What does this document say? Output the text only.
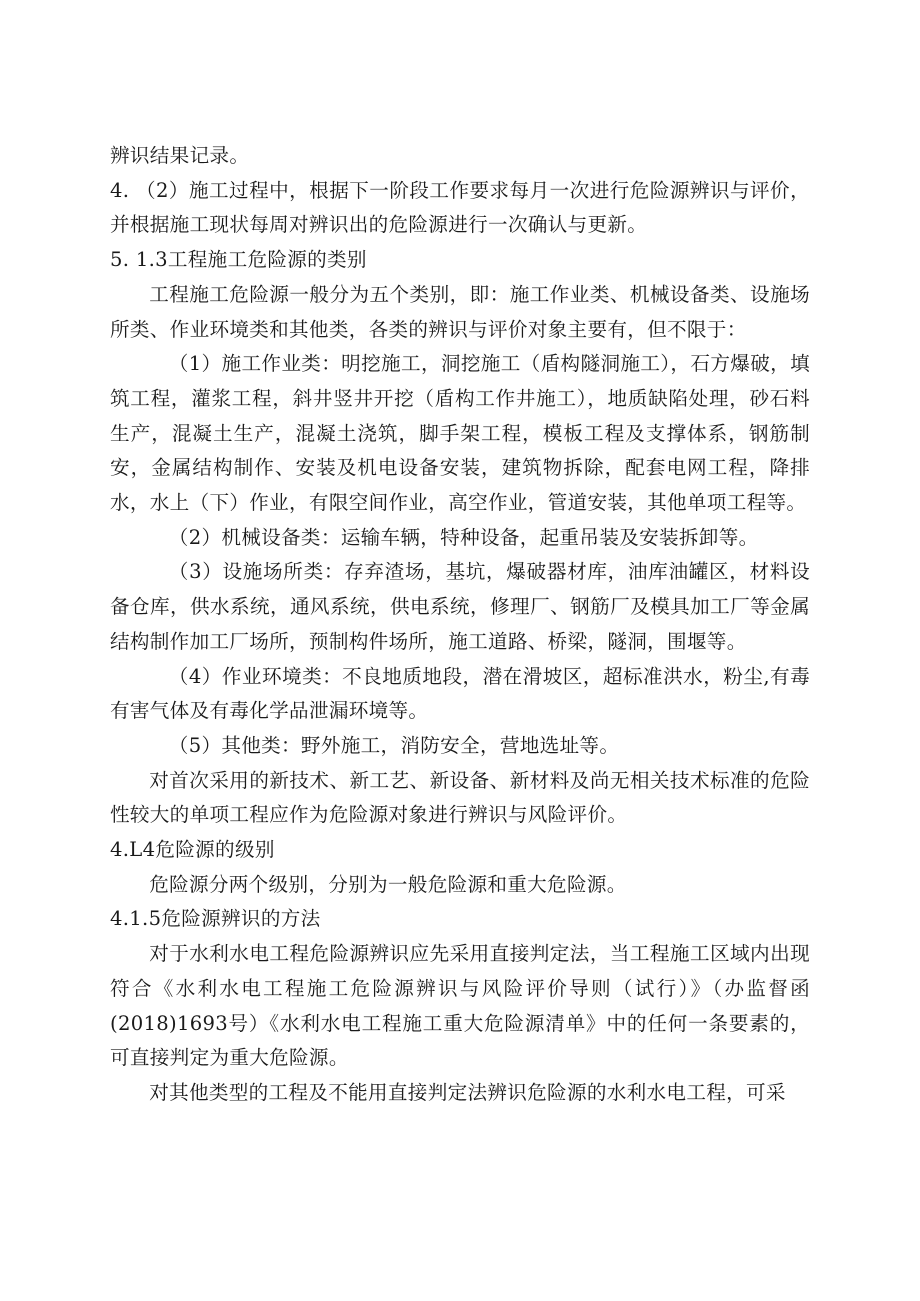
辨识结果记录。

4. （2）施工过程中，根据下一阶段工作要求每月一次进行危险源辨识与评价，并根据施工现状每周对辨识出的危险源进行一次确认与更新。

5. 1.3工程施工危险源的类别

工程施工危险源一般分为五个类别，即：施工作业类、机械设备类、设施场所类、作业环境类和其他类，各类的辨识与评价对象主要有，但不限于：

（1）施工作业类：明挖施工，洞挖施工（盾构隧洞施工），石方爆破，填筑工程，灌浆工程，斜井竖井开挖（盾构工作井施工），地质缺陷处理，砂石料生产，混凝土生产，混凝土浇筑，脚手架工程，模板工程及支撑体系，钢筋制安，金属结构制作、安装及机电设备安装，建筑物拆除，配套电网工程，降排水，水上（下）作业，有限空间作业，高空作业，管道安装，其他单项工程等。

（2）机械设备类：运输车辆，特种设备，起重吊装及安装拆卸等。

（3）设施场所类：存弃渣场，基坑，爆破器材库，油库油罐区，材料设备仓库，供水系统，通风系统，供电系统，修理厂、钢筋厂及模具加工厂等金属结构制作加工厂场所，预制构件场所，施工道路、桥梁，隧洞，围堰等。

（4）作业环境类：不良地质地段，潜在滑坡区，超标准洪水，粉尘,有毒有害气体及有毒化学品泄漏环境等。

（5）其他类：野外施工，消防安全，营地选址等。

对首次采用的新技术、新工艺、新设备、新材料及尚无相关技术标准的危险性较大的单项工程应作为危险源对象进行辨识与风险评价。

4.L4危险源的级别

危险源分两个级别，分别为一般危险源和重大危险源。

4.1.5危险源辨识的方法

对于水利水电工程危险源辨识应先采用直接判定法，当工程施工区域内出现符合《水利水电工程施工危险源辨识与风险评价导则（试行）》（办监督函(2018)1693号）《水利水电工程施工重大危险源清单》中的任何一条要素的，可直接判定为重大危险源。

对其他类型的工程及不能用直接判定法辨识危险源的水利水电工程，可采
